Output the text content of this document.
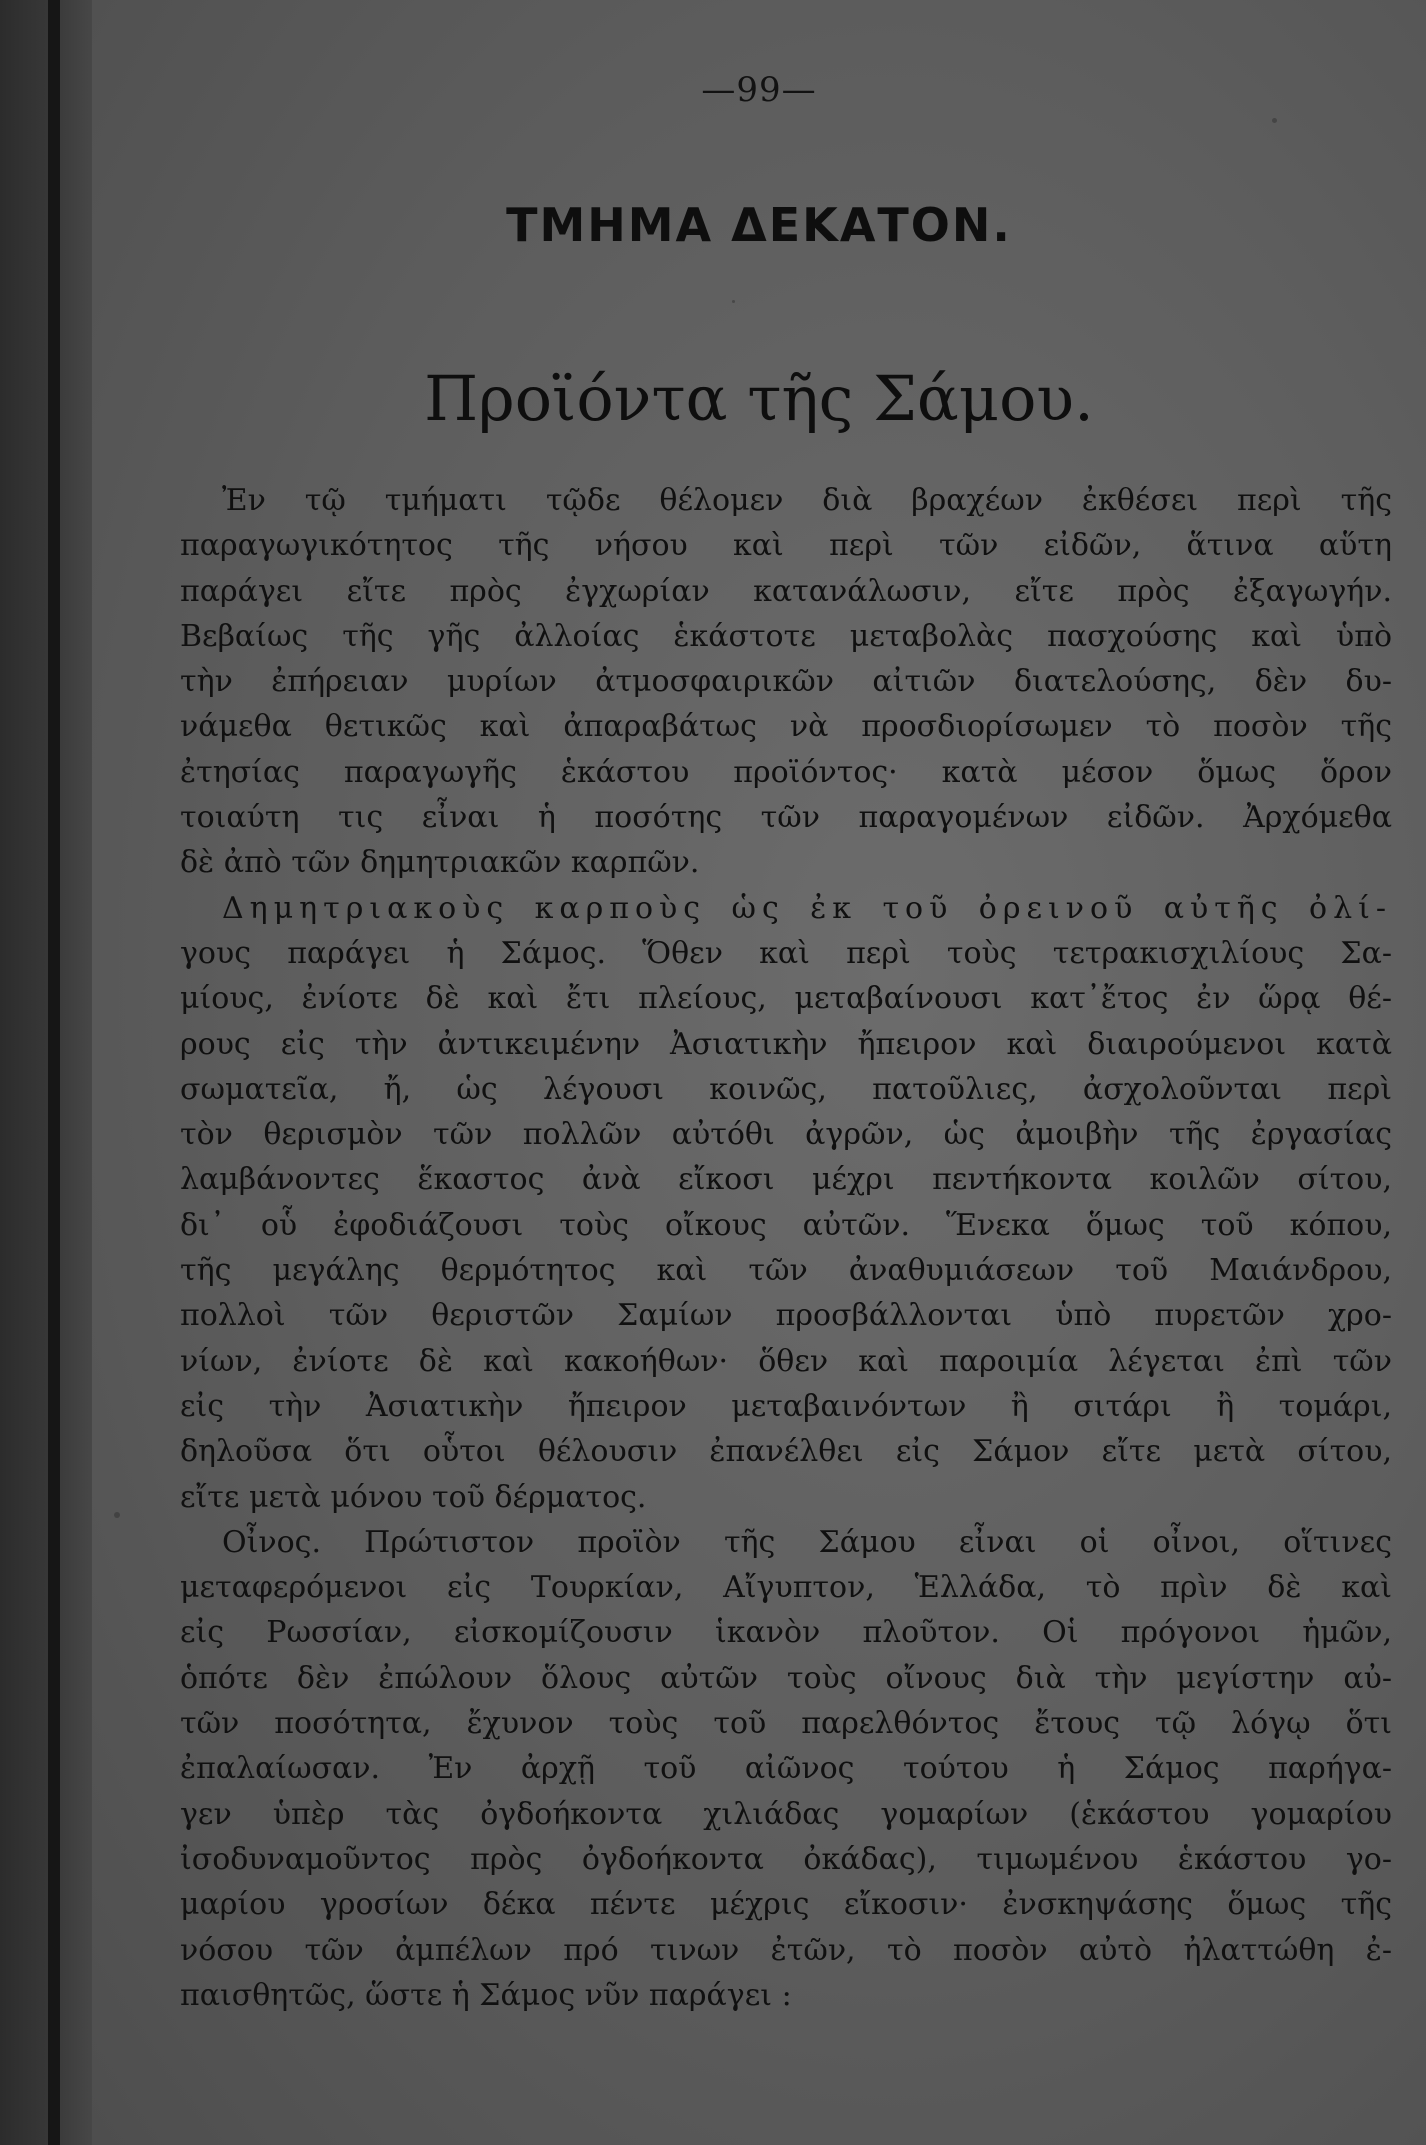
—99—
ΤΜΗΜΑ ΔΕΚΑΤΟΝ.
Προϊόντα τῆς Σάμου.
Ἐν τῷ τμήματι τῷδε θέλομεν διὰ βραχέων ἐκθέσει περὶ τῆς
παραγωγικότητος τῆς νήσου καὶ περὶ τῶν εἰδῶν, ἅτινα αὕτη
παράγει εἴτε πρὸς ἐγχωρίαν κατανάλωσιν, εἴτε πρὸς ἐξαγωγήν.
Βεβαίως τῆς γῆς ἀλλοίας ἑκάστοτε μεταβολὰς πασχούσης καὶ ὑπὸ
τὴν ἐπήρειαν μυρίων ἀτμοσφαιρικῶν αἰτιῶν διατελούσης, δὲν δυ-
νάμεθα θετικῶς καὶ ἀπαραβάτως νὰ προσδιορίσωμεν τὸ ποσὸν τῆς
ἐτησίας παραγωγῆς ἑκάστου προϊόντος· κατὰ μέσον ὅμως ὅρον
τοιαύτη τις εἶναι ἡ ποσότης τῶν παραγομένων εἰδῶν. Ἀρχόμεθα
δὲ ἀπὸ τῶν δημητριακῶν καρπῶν.
Δημητριακοὺς καρποὺς ὡς ἐκ τοῦ ὀρεινοῦ αὐτῆς ὀλί-
γους παράγει ἡ Σάμος. Ὅθεν καὶ περὶ τοὺς τετρακισχιλίους Σα-
μίους, ἐνίοτε δὲ καὶ ἔτι πλείους, μεταβαίνουσι κατ᾽ἔτος ἐν ὥρᾳ θέ-
ρους εἰς τὴν ἀντικειμένην Ἀσιατικὴν ἤπειρον καὶ διαιρούμενοι κατὰ
σωματεῖα, ἤ, ὡς λέγουσι κοινῶς, πατοῦλιες, ἀσχολοῦνται περὶ
τὸν θερισμὸν τῶν πολλῶν αὐτόθι ἀγρῶν, ὡς ἀμοιβὴν τῆς ἐργασίας
λαμβάνοντες ἕκαστος ἀνὰ εἴκοσι μέχρι πεντήκοντα κοιλῶν σίτου,
δι᾽ οὗ ἐφοδιάζουσι τοὺς οἴκους αὐτῶν. Ἕνεκα ὅμως τοῦ κόπου,
τῆς μεγάλης θερμότητος καὶ τῶν ἀναθυμιάσεων τοῦ Μαιάνδρου,
πολλοὶ τῶν θεριστῶν Σαμίων προσβάλλονται ὑπὸ πυρετῶν χρο-
νίων, ἐνίοτε δὲ καὶ κακοήθων· ὅθεν καὶ παροιμία λέγεται ἐπὶ τῶν
εἰς τὴν Ἀσιατικὴν ἤπειρον μεταβαινόντων ἢ σιτάρι ἢ τομάρι,
δηλοῦσα ὅτι οὗτοι θέλουσιν ἐπανέλθει εἰς Σάμον εἴτε μετὰ σίτου,
εἴτε μετὰ μόνου τοῦ δέρματος.
Οἶνος. Πρώτιστον προϊὸν τῆς Σάμου εἶναι οἱ οἶνοι, οἵτινες
μεταφερόμενοι εἰς Τουρκίαν, Αἴγυπτον, Ἑλλάδα, τὸ πρὶν δὲ καὶ
εἰς Ρωσσίαν, εἰσκομίζουσιν ἱκανὸν πλοῦτον. Οἱ πρόγονοι ἡμῶν,
ὁπότε δὲν ἐπώλουν ὅλους αὐτῶν τοὺς οἴνους διὰ τὴν μεγίστην αὐ-
τῶν ποσότητα, ἔχυνον τοὺς τοῦ παρελθόντος ἔτους τῷ λόγῳ ὅτι
ἐπαλαίωσαν. Ἐν ἀρχῇ τοῦ αἰῶνος τούτου ἡ Σάμος παρήγα-
γεν ὑπὲρ τὰς ὀγδοήκοντα χιλιάδας γομαρίων (ἑκάστου γομαρίου
ἰσοδυναμοῦντος πρὸς ὀγδοήκοντα ὀκάδας), τιμωμένου ἑκάστου γο-
μαρίου γροσίων δέκα πέντε μέχρις εἴκοσιν· ἐνσκηψάσης ὅμως τῆς
νόσου τῶν ἀμπέλων πρό τινων ἐτῶν, τὸ ποσὸν αὐτὸ ἠλαττώθη ἐ-
παισθητῶς, ὥστε ἡ Σάμος νῦν παράγει :
